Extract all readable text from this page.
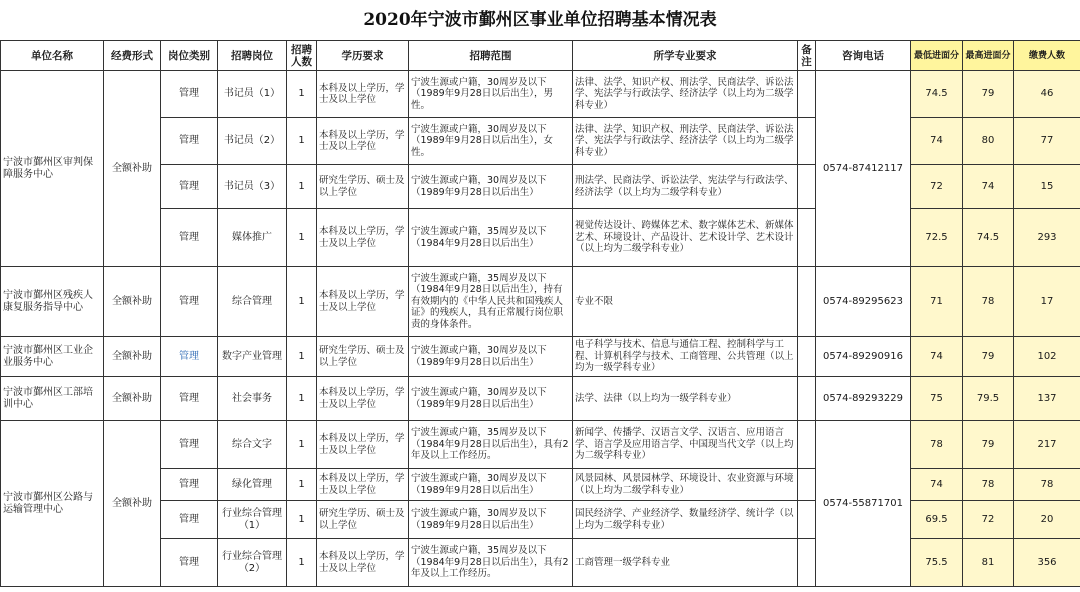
2020年宁波市鄞州区事业单位招聘基本情况表
单位名称	经费形式	岗位类别	招聘岗位	招聘人数	学历要求	招聘范围	所学专业要求	备注	咨询电话	最低进面分	最高进面分	缴费人数
宁波市鄞州区审判保障服务中心	全额补助	管理	书记员（1）	1	本科及以上学历，学士及以上学位	宁波生源或户籍，30周岁及以下（1989年9月28日以后出生），男性。	法律、法学、知识产权、刑法学、民商法学、诉讼法学、宪法学与行政法学、经济法学（以上均为二级学科专业）		0574-87412117	74.5	79	46
		管理	书记员（2）	1	本科及以上学历，学士及以上学位	宁波生源或户籍，30周岁及以下（1989年9月28日以后出生），女性。	法律、法学、知识产权、刑法学、民商法学、诉讼法学、宪法学与行政法学、经济法学（以上均为二级学科专业）			74	80	77
		管理	书记员（3）	1	研究生学历、硕士及以上学位	宁波生源或户籍，30周岁及以下（1989年9月28日以后出生）	刑法学、民商法学、诉讼法学、宪法学与行政法学、经济法学（以上均为二级学科专业）			72	74	15
		管理	媒体推广	1	本科及以上学历，学士及以上学位	宁波生源或户籍，35周岁及以下（1984年9月28日以后出生）	视觉传达设计、跨媒体艺术、数字媒体艺术、新媒体艺术、环境设计、产品设计、艺术设计学、艺术设计（以上均为二级学科专业）			72.5	74.5	293
宁波市鄞州区残疾人康复服务指导中心	全额补助	管理	综合管理	1	本科及以上学历，学士及以上学位	宁波生源或户籍，35周岁及以下（1984年9月28日以后出生），持有有效期内的《中华人民共和国残疾人证》的残疾人，具有正常履行岗位职责的身体条件。	专业不限		0574-89295623	71	78	17
宁波市鄞州区工业企业服务中心	全额补助	管理	数字产业管理	1	研究生学历、硕士及以上学位	宁波生源或户籍，30周岁及以下（1989年9月28日以后出生）	电子科学与技术、信息与通信工程、控制科学与工程、计算机科学与技术、工商管理、公共管理（以上均为一级学科专业）		0574-89290916	74	79	102
宁波市鄞州区工部培训中心	全额补助	管理	社会事务	1	本科及以上学历，学士及以上学位	宁波生源或户籍，30周岁及以下（1989年9月28日以后出生）	法学、法律（以上均为一级学科专业）		0574-89293229	75	79.5	137
宁波市鄞州区公路与运输管理中心	全额补助	管理	综合文字	1	本科及以上学历，学士及以上学位	宁波生源或户籍，35周岁及以下（1984年9月28日以后出生），具有2年及以上工作经历。	新闻学、传播学、汉语言文学、汉语言、应用语言学、语言学及应用语言学、中国现当代文学（以上均为二级学科专业）		0574-55871701	78	79	217
		管理	绿化管理	1	本科及以上学历，学士及以上学位	宁波生源或户籍，30周岁及以下（1989年9月28日以后出生）	风景园林、风景园林学、环境设计、农业资源与环境（以上均为二级学科专业）			74	78	78
		管理	行业综合管理（1）	1	研究生学历、硕士及以上学位	宁波生源或户籍，30周岁及以下（1989年9月28日以后出生）	国民经济学、产业经济学、数量经济学、统计学（以上均为二级学科专业）			69.5	72	20
		管理	行业综合管理（2）	1	本科及以上学历，学士及以上学位	宁波生源或户籍，35周岁及以下（1984年9月28日以后出生），具有2年及以上工作经历。	工商管理一级学科专业			75.5	81	356
